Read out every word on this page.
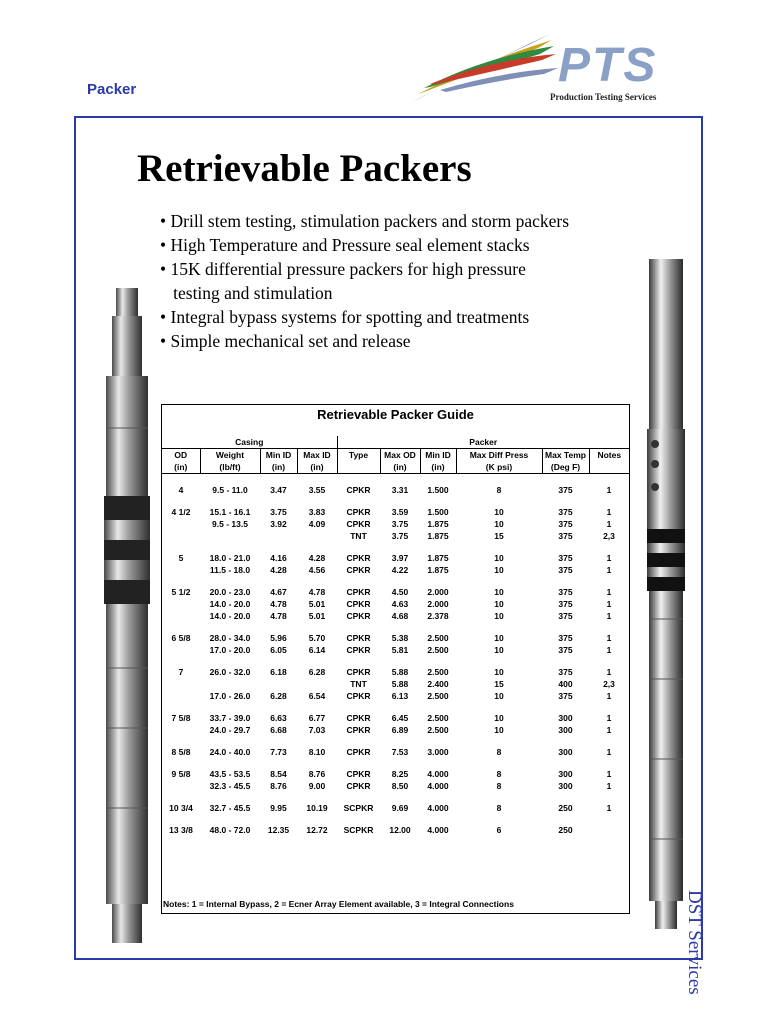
Packer	PTS
Production Testing Services
DST Services
Retrievable Packers
• Drill stem testing, stimulation packers and storm packers
• High Temperature and Pressure seal element stacks
• 15K differential pressure packers for high pressure
testing and stimulation
• Integral bypass systems for spotting and treatments
• Simple mechanical set and release
Retrievable Packer Guide
Casing				Packer					
OD	Weight	Min ID	Max ID	Type	Max OD	Min ID	Max Diff Press	Max Temp	Notes
(in)	(lb/ft)	(in)	(in)		(in)	(in)	(K psi)	(Deg F)	

4	9.5 - 11.0	3.47	3.55	CPKR	3.31	1.500	8	375	1

4 1/2	15.1 - 16.1	3.75	3.83	CPKR	3.59	1.500	10	375	1
	9.5 - 13.5	3.92	4.09	CPKR	3.75	1.875	10	375	1
				TNT	3.75	1.875	15	375	2,3

5	18.0 - 21.0	4.16	4.28	CPKR	3.97	1.875	10	375	1
	11.5 - 18.0	4.28	4.56	CPKR	4.22	1.875	10	375	1

5 1/2	20.0 - 23.0	4.67	4.78	CPKR	4.50	2.000	10	375	1
	14.0 - 20.0	4.78	5.01	CPKR	4.63	2.000	10	375	1
	14.0 - 20.0	4.78	5.01	CPKR	4.68	2.378	10	375	1

6 5/8	28.0 - 34.0	5.96	5.70	CPKR	5.38	2.500	10	375	1
	17.0 - 20.0	6.05	6.14	CPKR	5.81	2.500	10	375	1

7	26.0 - 32.0	6.18	6.28	CPKR	5.88	2.500	10	375	1
				TNT	5.88	2.400	15	400	2,3
	17.0 - 26.0	6.28	6.54	CPKR	6.13	2.500	10	375	1

7 5/8	33.7 - 39.0	6.63	6.77	CPKR	6.45	2.500	10	300	1
	24.0 - 29.7	6.68	7.03	CPKR	6.89	2.500	10	300	1

8 5/8	24.0 - 40.0	7.73	8.10	CPKR	7.53	3.000	8	300	1

9 5/8	43.5 - 53.5	8.54	8.76	CPKR	8.25	4.000	8	300	1
	32.3 - 45.5	8.76	9.00	CPKR	8.50	4.000	8	300	1

10 3/4	32.7 - 45.5	9.95	10.19	SCPKR	9.69	4.000	8	250	1

13 3/8	48.0 - 72.0	12.35	12.72	SCPKR	12.00	4.000	6	250	
Notes: 1 = Internal Bypass, 2 = Ecner Array Element available, 3 = Integral Connections
